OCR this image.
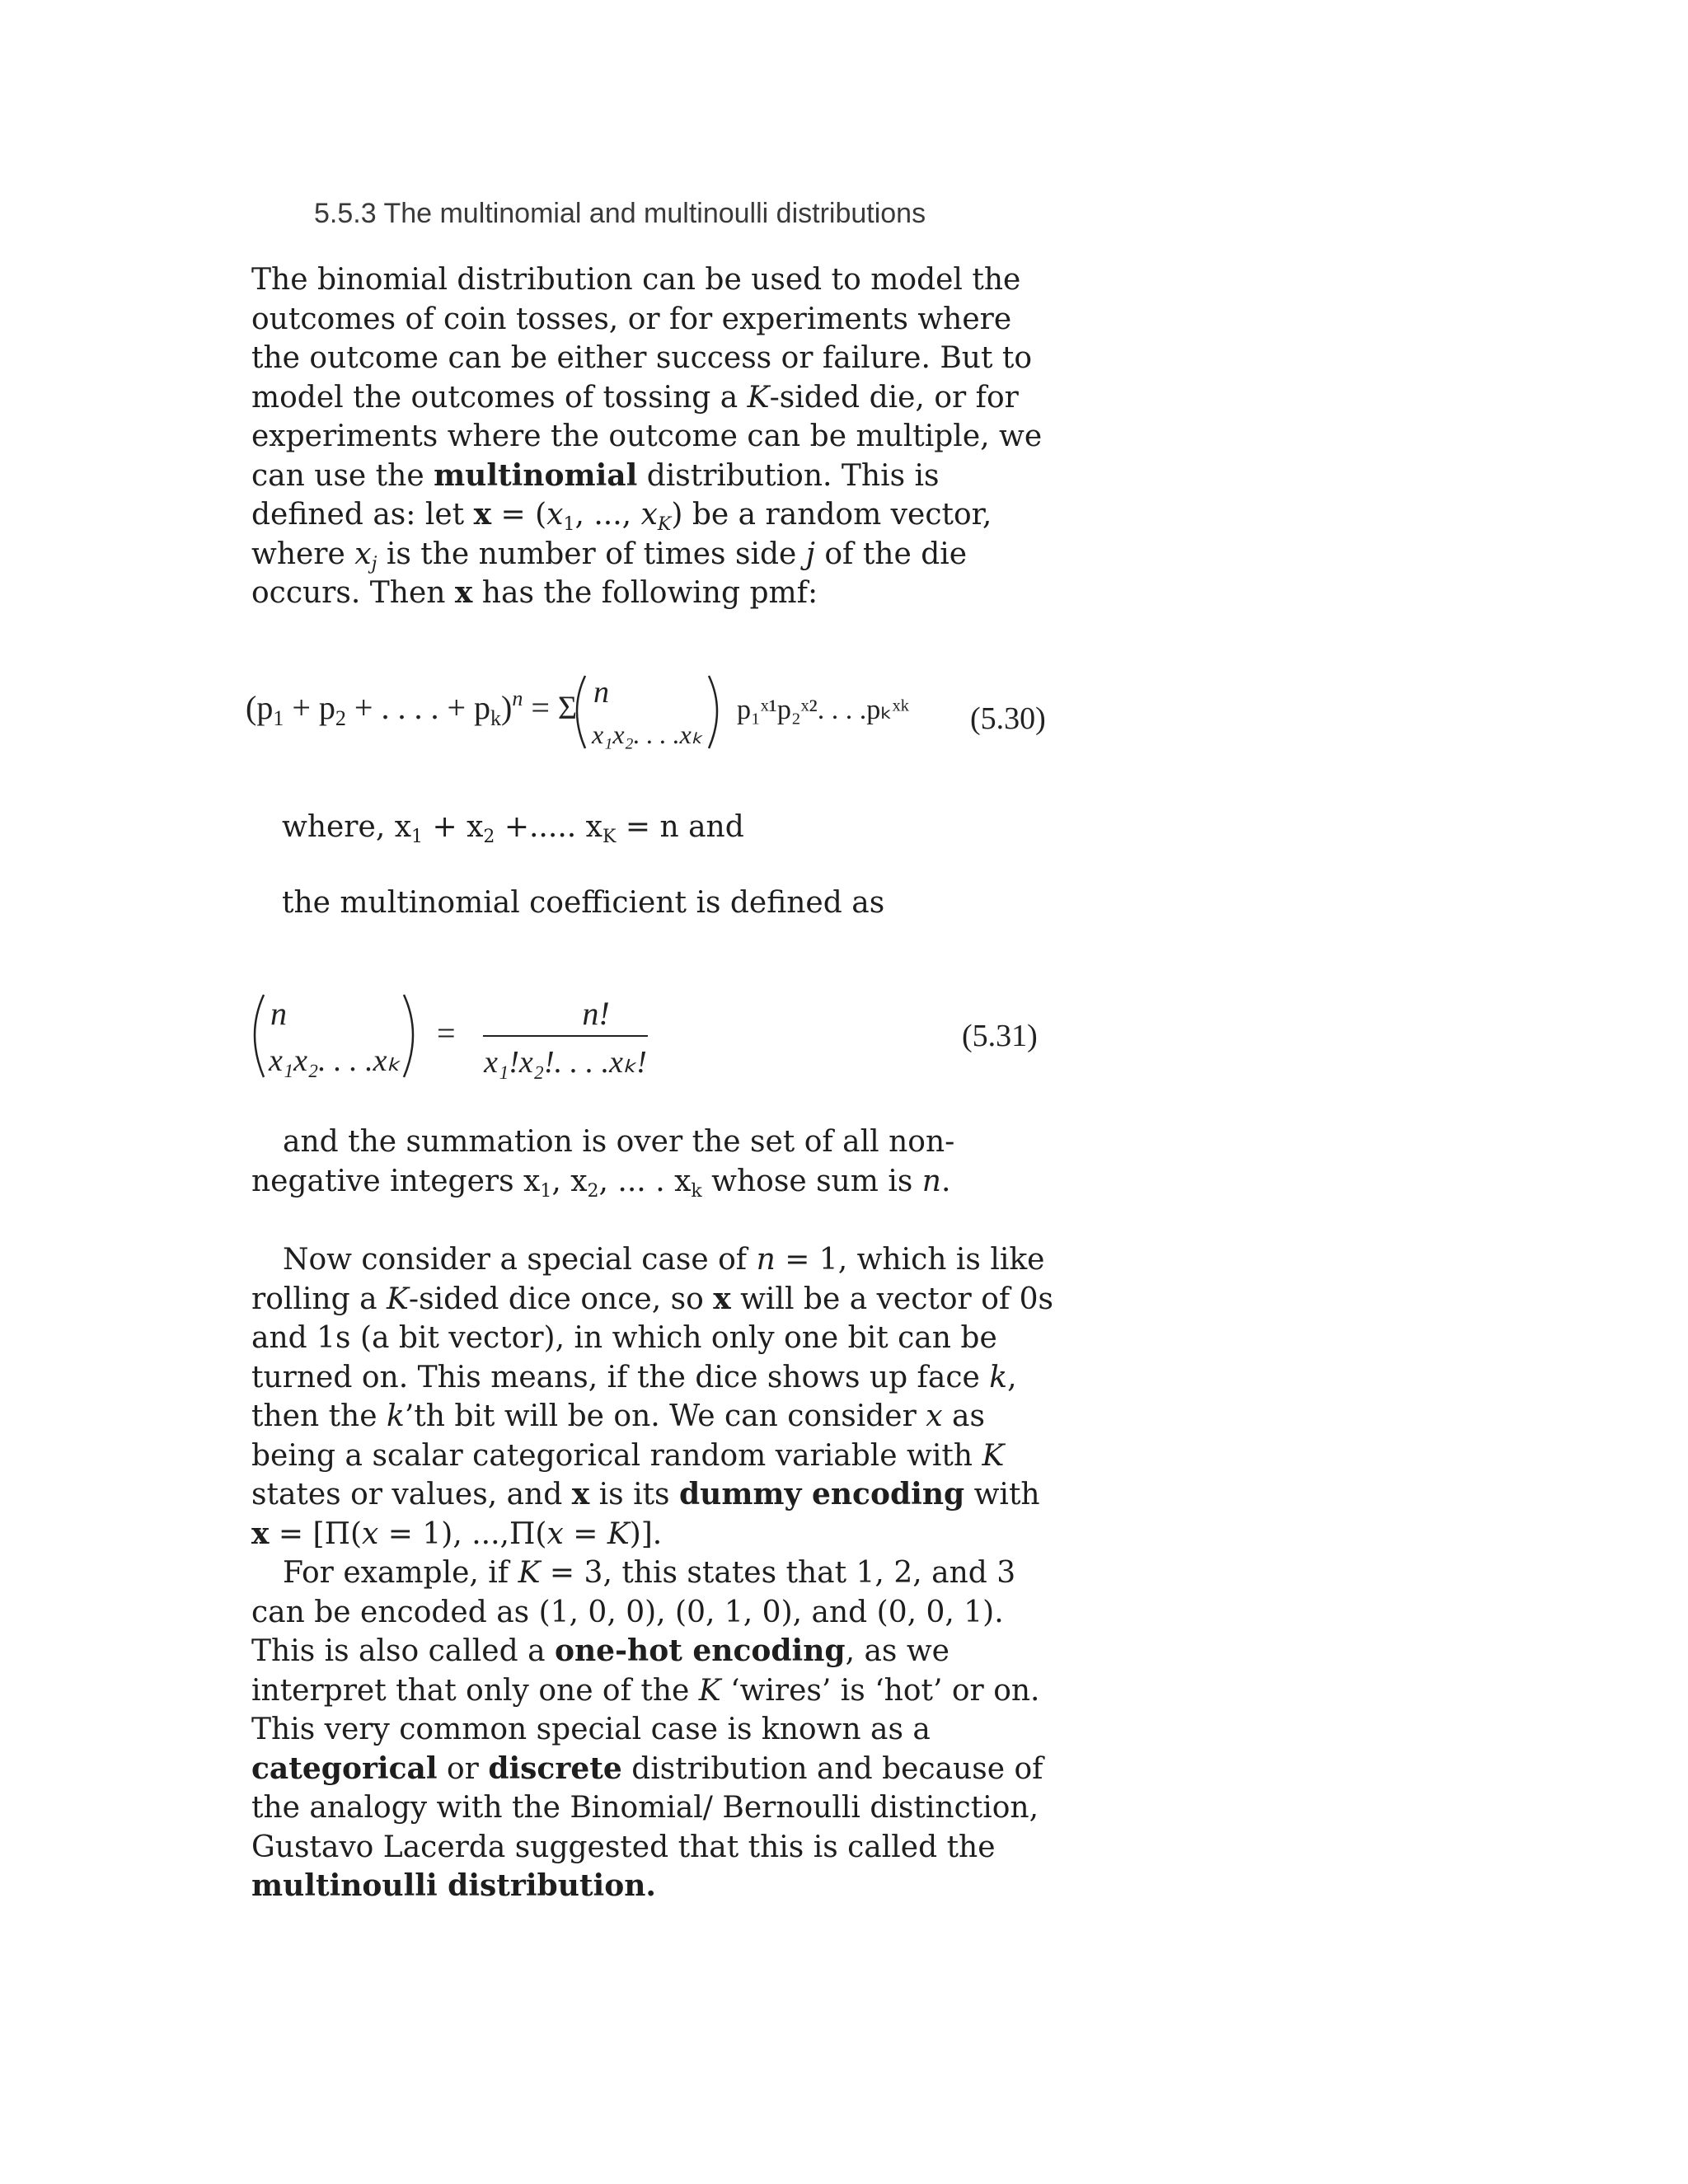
5.5.3 The multinomial and multinoulli distributions
The binomial distribution can be used to model the outcomes of coin tosses, or for experiments where the outcome can be either success or failure. But to model the outcomes of tossing a K-sided die, or for experiments where the outcome can be multiple, we can use the multinomial distribution. This is defined as: let $x = (x_1$, ..., $x_K$) be a random vector, where $x_j$ is the number of times side j of the die occurs. Then x has the following pmf:
($p_1 + p_2$ + . . . . + $p_k)^n = \Sigma$ n
x₁x₂. . . .xₖ
p₁ˣ¹p₂ˣ². . . .pₖˣᵏ (5.30)
where, $x_1 + x_2$ +..... $x_K = n$ and
the multinomial coefficient is defined as
n
x₁x₂. . . .xₖ
=
n!
x₁!x₂!. . . .xₖ!
(5.31)
and the summation is over the set of all non-negative integers $x_1$, $x_2$, ... . $x_k$ whose sum is n.
Now consider a special case of n = 1, which is like rolling a K-sided dice once, so x will be a vector of 0s and 1s (a bit vector), in which only one bit can be turned on. This means, if the dice shows up face k, then the k’th bit will be on. We can consider x as being a scalar categorical random variable with K states or values, and x is its dummy encoding with x = [Π(x = 1), ...,Π(x = K)].
For example, if K = 3, this states that 1, 2, and 3 can be encoded as (1, 0, 0), (0, 1, 0), and (0, 0, 1). This is also called a one-hot encoding, as we interpret that only one of the K ‘wires’ is ‘hot’ or on. This very common special case is known as a categorical or discrete distribution and because of the analogy with the Binomial/ Bernoulli distinction, Gustavo Lacerda suggested that this is called the multinoulli distribution.
